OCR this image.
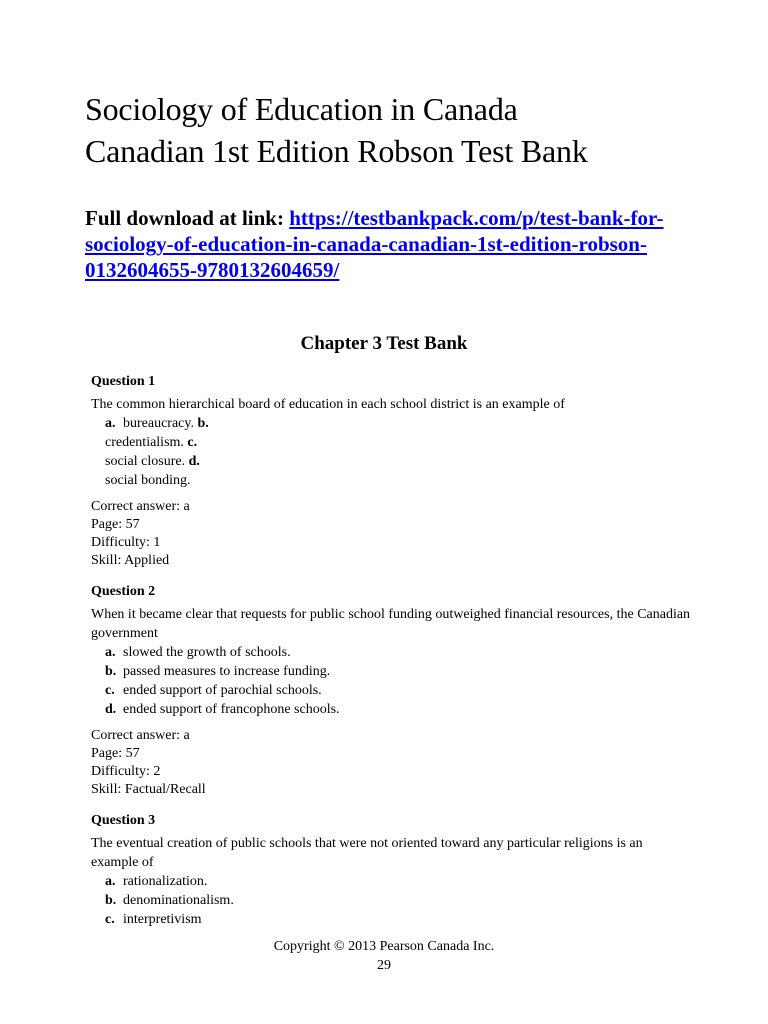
Sociology of Education in Canada
Canadian 1st Edition Robson Test Bank
Full download at link: https://testbankpack.com/p/test-bank-for-
sociology-of-education-in-canada-canadian-1st-edition-robson-
0132604655-9780132604659/
Chapter 3 Test Bank

Question 1

The common hierarchical board of education in each school district is an example of

a. bureaucracy. b.
credentialism. c.
social closure. d.
social bonding.
Correct answer: a
Page: 57
Difficulty: 1
Skill: Applied

Question 2

When it became clear that requests for public school funding outweighed financial resources, the Canadian government

a. slowed the growth of schools.
b. passed measures to increase funding.
c. ended support of parochial schools.
d. ended support of francophone schools.
Correct answer: a
Page: 57
Difficulty: 2
Skill: Factual/Recall

Question 3

The eventual creation of public schools that were not oriented toward any particular religions is an example of

a. rationalization.
b. denominationalism.
c. interpretivism
Copyright © 2013 Pearson Canada Inc.
29
